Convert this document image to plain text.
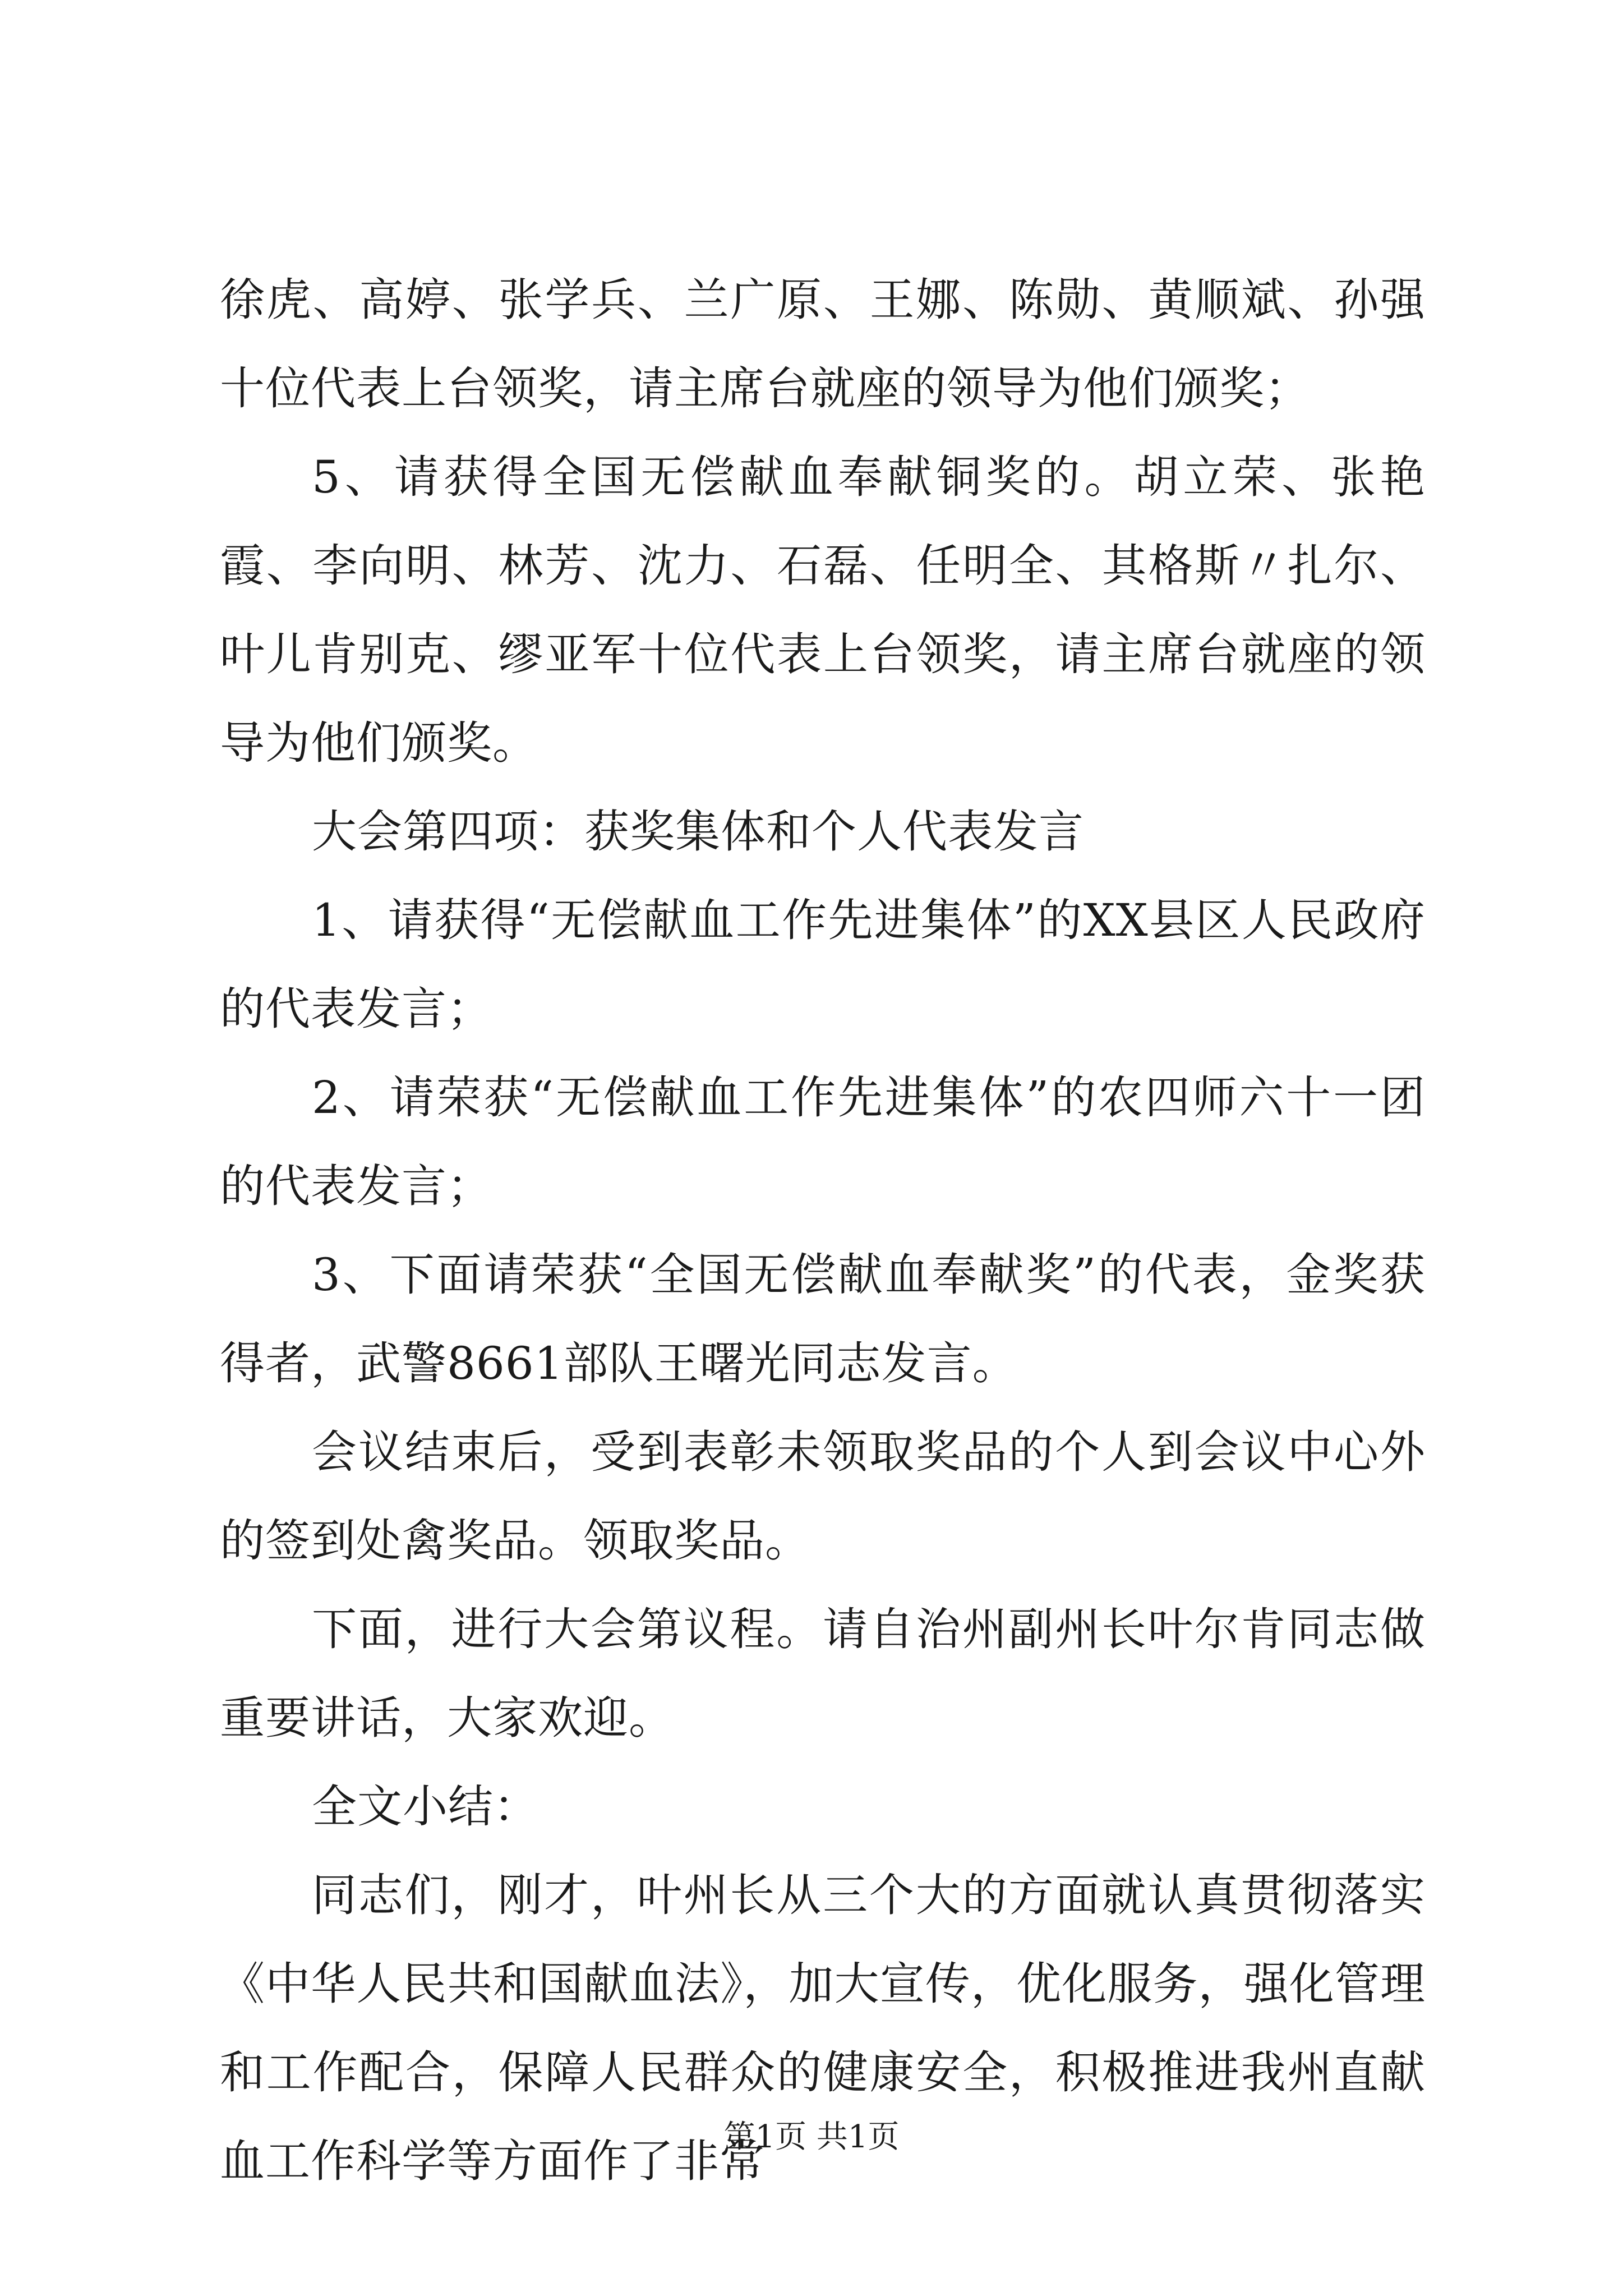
徐虎、高婷、张学兵、兰广原、王娜、陈勋、黄顺斌、孙强十位代表上台领奖，请主席台就座的领导为他们颁奖；

5、请获得全国无偿献血奉献铜奖的。胡立荣、张艳霞、李向明、林芳、沈力、石磊、任明全、其格斯〃扎尔、叶儿肯别克、缪亚军十位代表上台领奖，请主席台就座的领导为他们颁奖。

大会第四项：获奖集体和个人代表发言

1、请获得“无偿献血工作先进集体”的XX县区人民政府的代表发言；

2、请荣获“无偿献血工作先进集体”的农四师六十一团的代表发言；

3、下面请荣获“全国无偿献血奉献奖”的代表，金奖获得者，武警8661部队王曙光同志发言。

会议结束后，受到表彰未领取奖品的个人到会议中心外的签到处禽奖品。领取奖品。

下面，进行大会第议程。请自治州副州长叶尔肯同志做重要讲话，大家欢迎。

全文小结：

同志们，刚才，叶州长从三个大的方面就认真贯彻落实《中华人民共和国献血法》，加大宣传，优化服务，强化管理和工作配合，保障人民群众的健康安全，积极推进我州直献血工作科学等方面作了非常

第1页 共1页
